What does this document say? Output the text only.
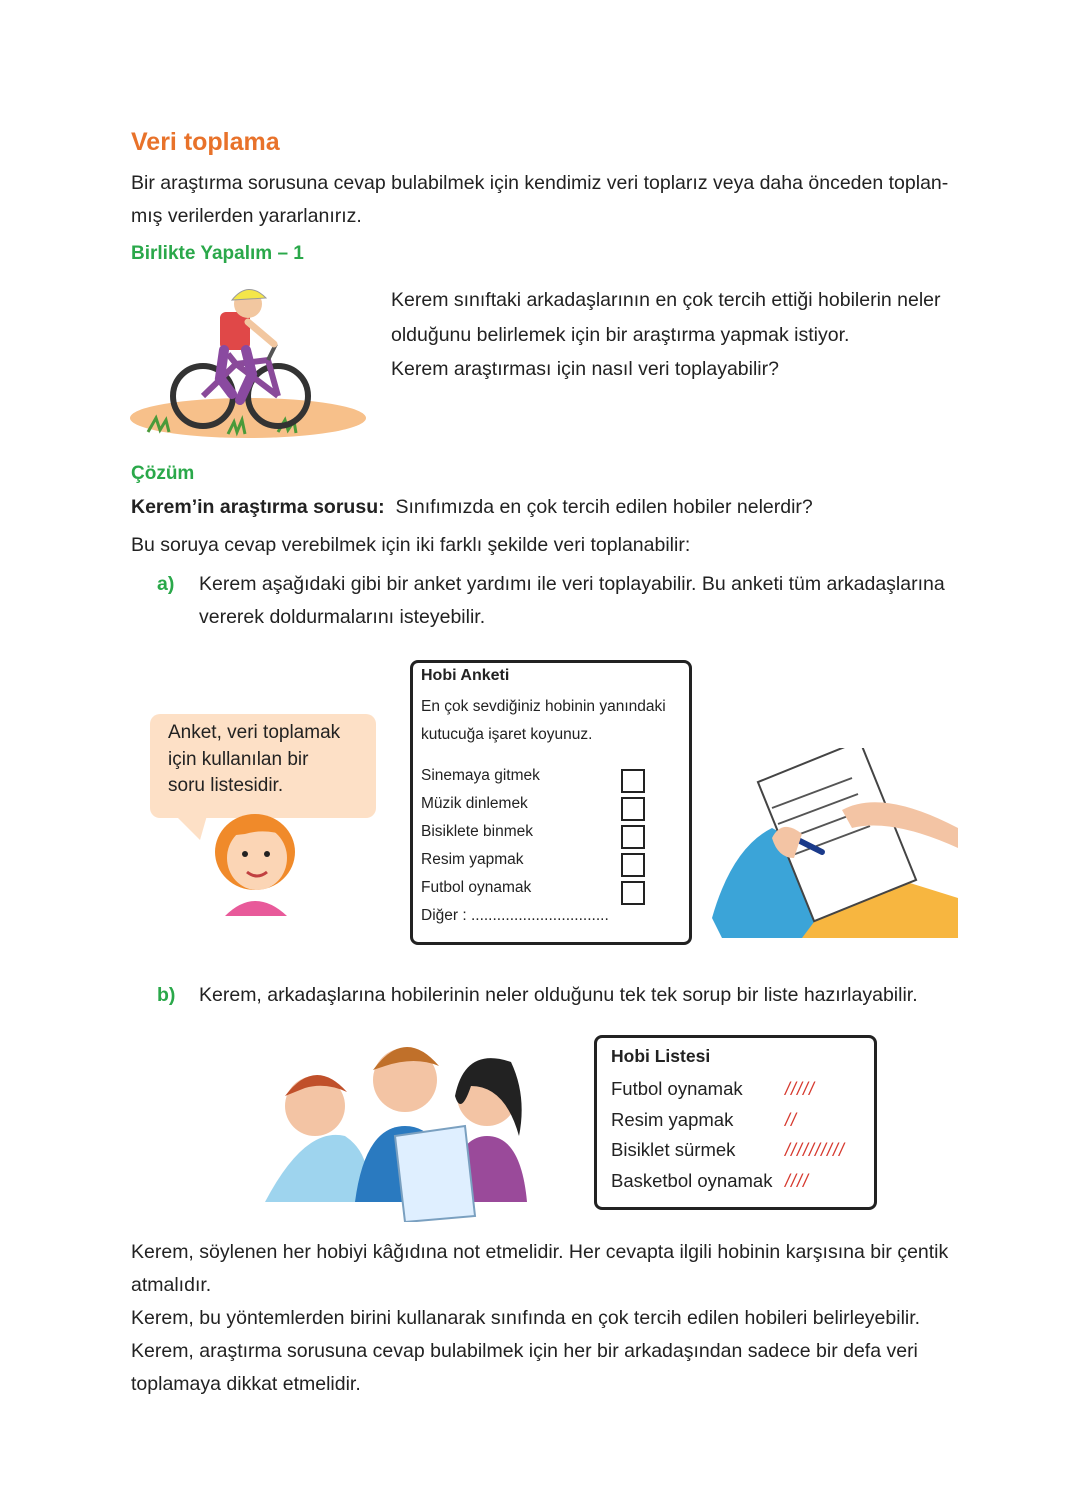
Veri toplama
Bir araştırma sorusuna cevap bulabilmek için kendimiz veri toplarız veya daha önceden toplan-
mış verilerden yararlanırız.
Birlikte Yapalım – 1
Kerem sınıftaki arkadaşlarının en çok tercih ettiği hobilerin neler
olduğunu belirlemek için bir araştırma yapmak istiyor.
Kerem araştırması için nasıl veri toplayabilir?
Çözüm
Kerem’in araştırma sorusu: Sınıfımızda en çok tercih edilen hobiler nelerdir?
Bu soruya cevap verebilmek için iki farklı şekilde veri toplanabilir:
a) Kerem aşağıdaki gibi bir anket yardımı ile veri toplayabilir. Bu anketi tüm arkadaşlarına
vererek doldurmalarını isteyebilir.
Anket, veri toplamak
için kullanılan bir
soru listesidir.
Hobi Anketi
En çok sevdiğiniz hobinin yanındaki
kutucuğa işaret koyunuz.
Sinemaya gitmek
Müzik dinlemek
Bisiklete binmek
Resim yapmak
Futbol oynamak
Diğer : ................................
b) Kerem, arkadaşlarına hobilerinin neler olduğunu tek tek sorup bir liste hazırlayabilir.
Hobi Listesi
Futbol oynamak
Resim yapmak
Bisiklet sürmek
Basketbol oynamak
/////
//
//////////
////
Kerem, söylenen her hobiyi kâğıdına not etmelidir. Her cevapta ilgili hobinin karşısına bir çentik
atmalıdır.
Kerem, bu yöntemlerden birini kullanarak sınıfında en çok tercih edilen hobileri belirleyebilir.
Kerem, araştırma sorusuna cevap bulabilmek için her bir arkadaşından sadece bir defa veri
toplamaya dikkat etmelidir.
